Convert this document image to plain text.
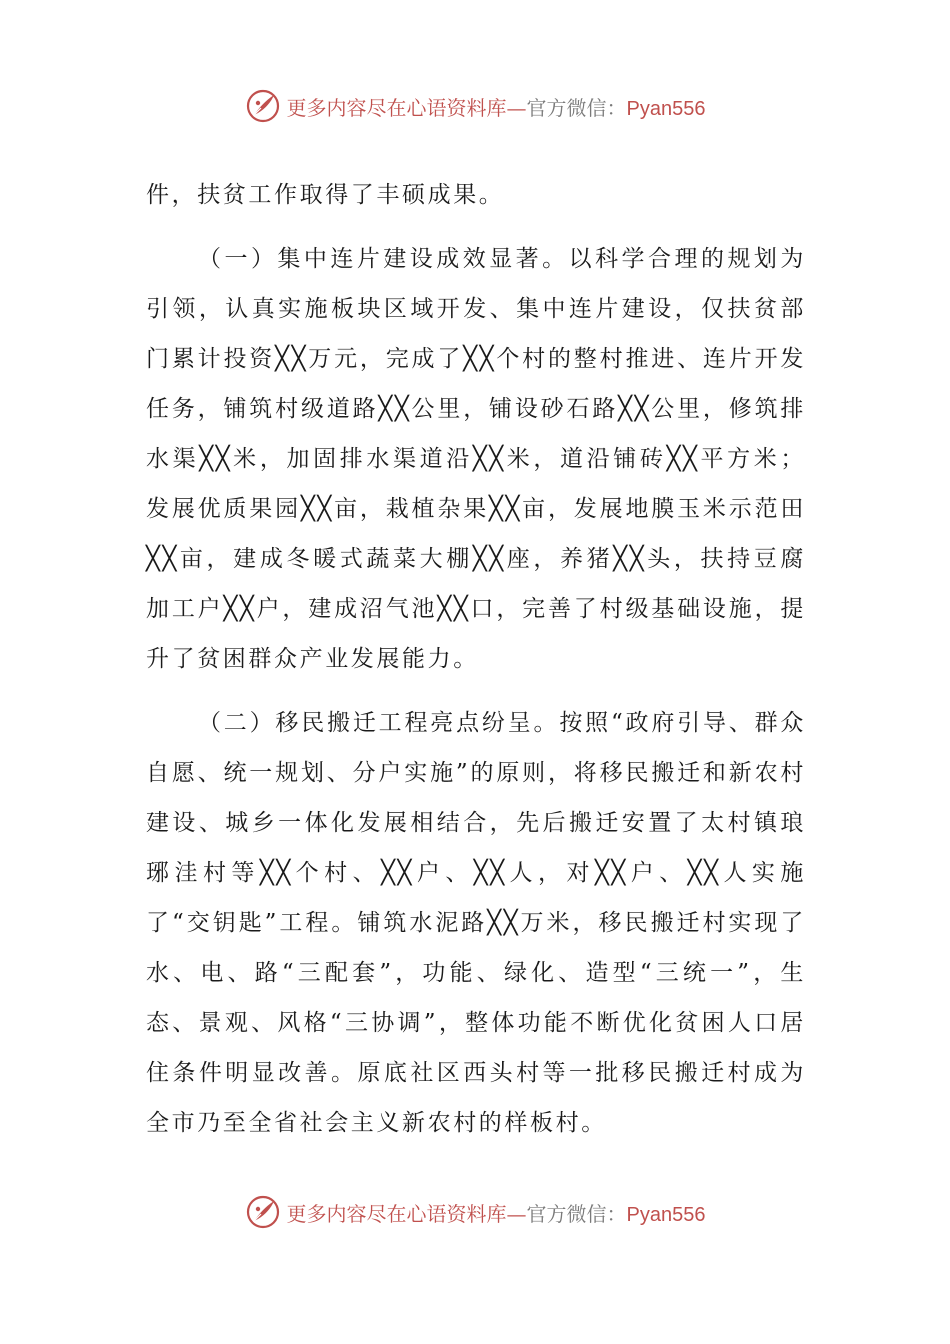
更多内容尽在心语资料库—官方微信：Pyan556

件，扶贫工作取得了丰硕成果。

（一）集中连片建设成效显著。以科学合理的规划为引领，认真实施板块区域开发、集中连片建设，仅扶贫部门累计投资╳╳万元，完成了╳╳个村的整村推进、连片开发任务，铺筑村级道路╳╳公里，铺设砂石路╳╳公里，修筑排水渠╳╳米，加固排水渠道沿╳╳米，道沿铺砖╳╳平方米；发展优质果园╳╳亩，栽植杂果╳╳亩，发展地膜玉米示范田╳╳亩，建成冬暖式蔬菜大棚╳╳座，养猪╳╳头，扶持豆腐加工户╳╳户，建成沼气池╳╳口，完善了村级基础设施，提升了贫困群众产业发展能力。

（二）移民搬迁工程亮点纷呈。按照“政府引导、群众自愿、统一规划、分户实施”的原则，将移民搬迁和新农村建设、城乡一体化发展相结合，先后搬迁安置了太村镇琅琊洼村等╳╳个村、╳╳户、╳╳人，对╳╳户、╳╳人实施了“交钥匙”工程。铺筑水泥路╳╳万米，移民搬迁村实现了水、电、路“三配套”，功能、绿化、造型“三统一”，生态、景观、风格“三协调”，整体功能不断优化贫困人口居住条件明显改善。原底社区西头村等一批移民搬迁村成为全市乃至全省社会主义新农村的样板村。

更多内容尽在心语资料库—官方微信：Pyan556
